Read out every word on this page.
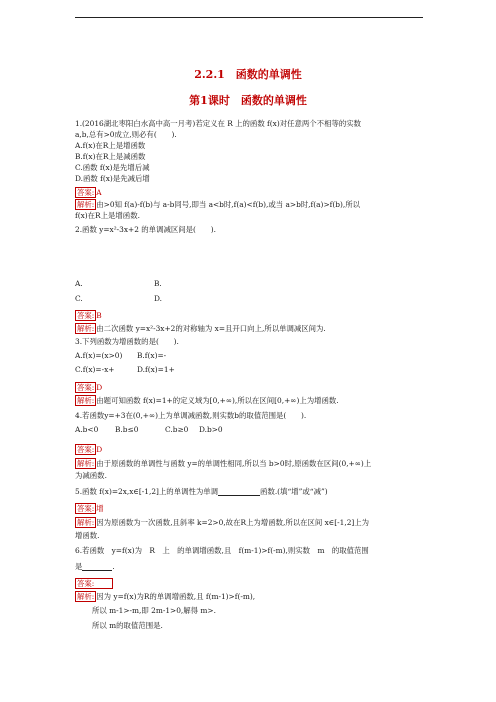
2.2.1　函数的单调性
第1课时　函数的单调性
1.(2016湖北枣阳白水高中高一月考)若定义在 R 上的函数 f(x)对任意两个不相等的实数
a,b,总有>0成立,则必有(　　).
A.f(x)在R上是增函数
B.f(x)在R上是减函数
C.函数 f(x)是先增后减
D.函数 f(x)是先减后增
答案: A
解析: 由>0知 f(a)-f(b)与 a-b同号,即当 a<b时,f(a)<f(b),或当 a>b时,f(a)>f(b),所以
f(x)在R上是增函数.
2.函数 y=x²-3x+2 的单调减区间是(　　).
A.	B.
C.	D.
答案: B
解析: 由二次函数 y=x²-3x+2的对称轴为 x=且开口向上,所以单调减区间为.
3.下列函数为增函数的是(　　).
A.f(x)=(x>0) B.f(x)=-
C.f(x)=-x+	D.f(x)=1+
答案: D
解析: 由题可知函数 f(x)=1+的定义域为[0,+∞),所以在区间[0,+∞)上为增函数.
4.若函数y=+3在(0,+∞)上为单调减函数,则实数b的取值范围是(　　).
A.b<0 B.b≤0	C.b≥0 D.b>0
答案: D
解析: 由于原函数的单调性与函数 y=的单调性相同,所以当 b>0时,原函数在区间(0,+∞)上
为减函数.
5.函数 f(x)=2x,x∈[-1,2]上的单调性为单调	函数.(填“增”或“减”)
答案: 增
解析: 因为原函数为一次函数,且斜率 k=2>0,故在R上为增函数,所以在区间 x∈[-1,2]上为
增函数.
6.若函数　y=f(x)为　R　上　的单调增函数,且　f(m-1)>f(-m),则实数　m　的取值范围
是	.
答案:
解析: 因为 y=f(x)为R的单调增函数,且 f(m-1)>f(-m),
所以 m-1>-m,即 2m-1>0,解得 m>.
所以 m的取值范围是.
